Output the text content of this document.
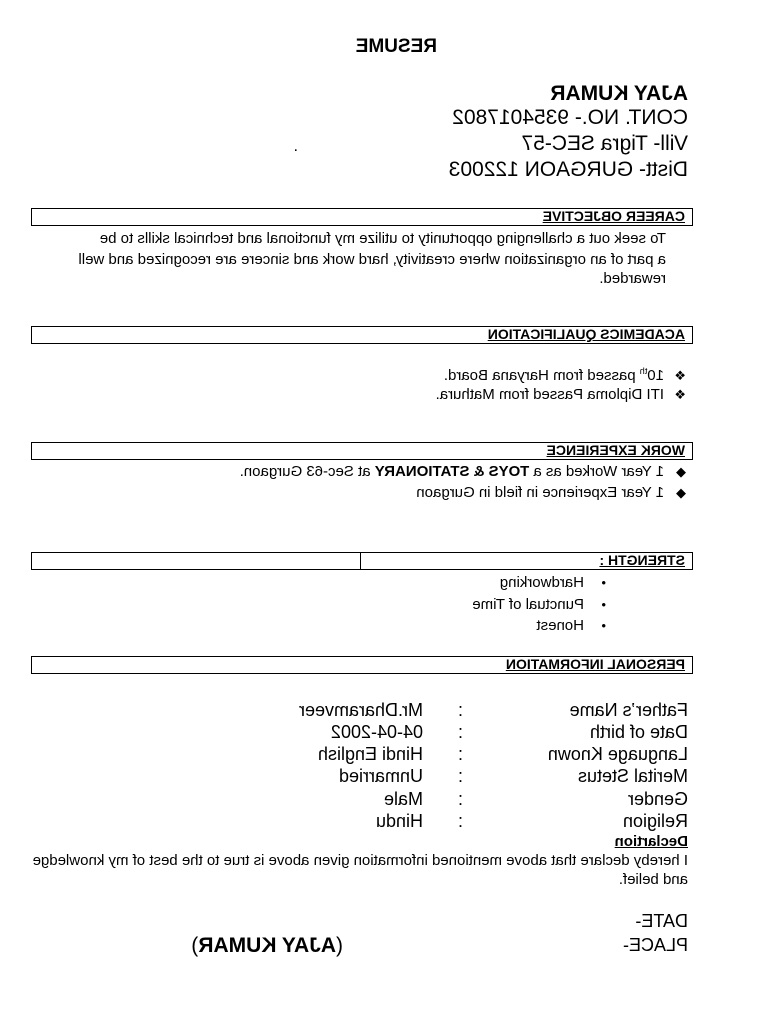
RESUME
AJAY KUMAR
CONT. NO.- 9354017802
Vill- Tigra SEC-57
Distt- GURGAON 122003
.
CAREER OBJECTIVE
To seek out a challenging opportunity to utilize my functional and technical skills to be
a part of an organization where creativity, hard work and sincere are recognized and well rewarded.
ACADEMICS QUALIFICATION
❖10th passed from Haryana Board.
❖ITI Diploma Passed from Mathura.
WORK EXPERIENCE
◆1 Year Worked as a TOYS & STATIONARY at Sec-63 Gurgaon.
◆1 Year Experience in field in Gurgaon
STRENGTH :
•Hardworking
•Punctual of Time
•Honest
PERSONAL INFORMATION
Father’s Name:Mr.Dharamveer
Date of birth:04-04-2002
Language Known:Hindi English
Merital Stetus:Unmarried
Gender:Male
Religion:Hindu
Declartion
I hereby declare that above mentioned information given above is true to the best of my knowledge and belief.
DATE-
PLACE-
(AJAY KUMAR)
